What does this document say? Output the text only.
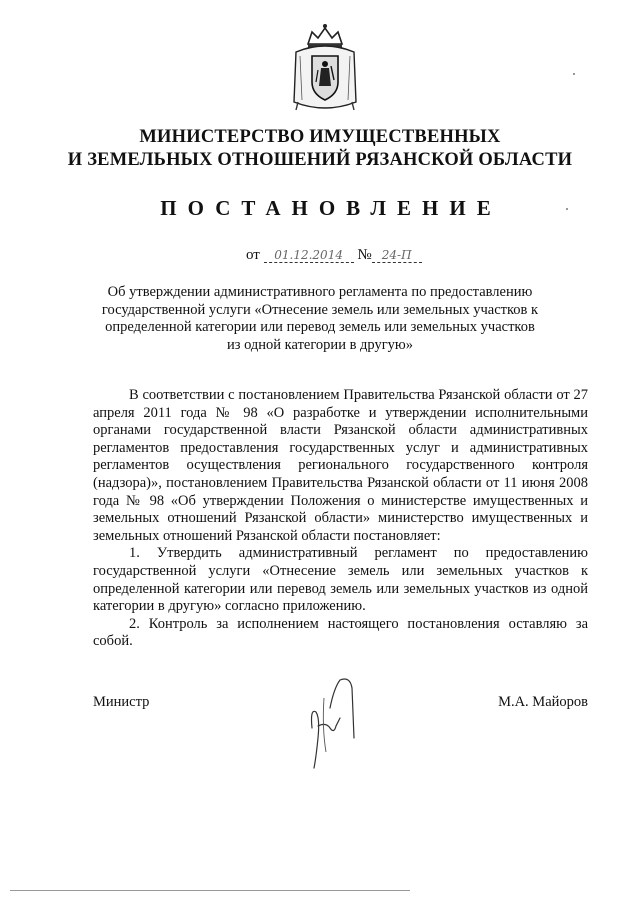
МИНИСТЕРСТВО ИМУЩЕСТВЕННЫХ
И ЗЕМЕЛЬНЫХ ОТНОШЕНИЙ РЯЗАНСКОЙ ОБЛАСТИ
ПОСТАНОВЛЕНИЕ
от 01.12.2014 № 24-П

Об утверждении административного регламента по предоставлению государственной услуги «Отнесение земель или земельных участков к определенной категории или перевод земель или земельных участков из одной категории в другую»

В соответствии с постановлением Правительства Рязанской области от 27 апреля 2011 года № 98 «О разработке и утверждении исполнительными органами государственной власти Рязанской области административных регламентов предоставления государственных услуг и административных регламентов осуществления регионального государственного контроля (надзора)», постановлением Правительства Рязанской области от 11 июня 2008 года № 98 «Об утверждении Положения о министерстве имущественных и земельных отношений Рязанской области» министерство имущественных и земельных отношений Рязанской области постановляет:

1. Утвердить административный регламент по предоставлению государственной услуги «Отнесение земель или земельных участков к определенной категории или перевод земель или земельных участков из одной категории в другую» согласно приложению.

2. Контроль за исполнением настоящего постановления оставляю за собой.

Министр	М.А. Майоров
